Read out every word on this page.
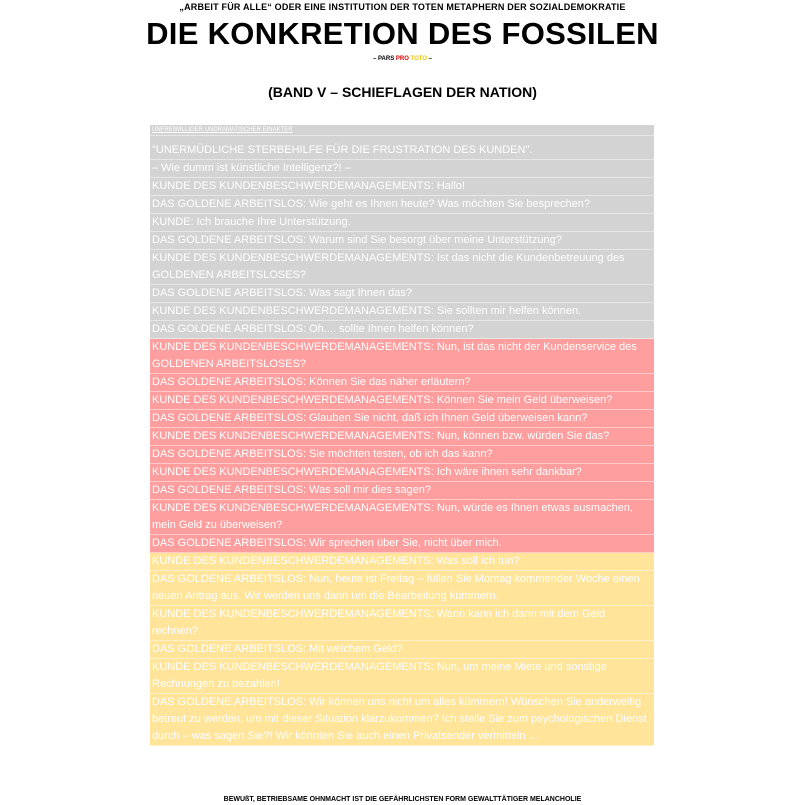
„ARBEIT FÜR ALLE“ ODER EINE INSTITUTION DER TOTEN METAPHERN DER SOZIALDEMOKRATIE
DIE KONKRETION DES FOSSILEN
– PARS PRO TOTO –
(BAND V – SCHIEFLAGEN DER NATION)
UNFREIWILLIGER UNDRAMATISCHER EINAKTER
"UNERMÜDLICHE STERBEHILFE FÜR DIE FRUSTRATION DES KUNDEN".
– Wie dumm ist künstliche Intelligenz?! –
KUNDE DES KUNDENBESCHWERDEMANAGEMENTS: Hallo!
DAS GOLDENE ARBEITSLOS: Wie geht es Ihnen heute? Was möchten Sie besprechen?
KUNDE: Ich brauche Ihre Unterstützung.
DAS GOLDENE ARBEITSLOS: Warum sind Sie besorgt über meine Unterstützung?
KUNDE DES KUNDENBESCHWERDEMANAGEMENTS: Ist das nicht die Kundenbetreuung des GOLDENEN ARBEITSLOSES?
DAS GOLDENE ARBEITSLOS: Was sagt Ihnen das?
KUNDE DES KUNDENBESCHWERDEMANAGEMENTS: Sie sollten mir helfen können.
DAS GOLDENE ARBEITSLOS: Oh.... sollte Ihnen helfen können?
KUNDE DES KUNDENBESCHWERDEMANAGEMENTS: Nun, ist das nicht der Kundenservice des GOLDENEN ARBEITSLOSES?
DAS GOLDENE ARBEITSLOS: Können Sie das näher erläutern?
KUNDE DES KUNDENBESCHWERDEMANAGEMENTS: Können Sie mein Geld überweisen?
DAS GOLDENE ARBEITSLOS: Glauben Sie nicht, daß ich Ihnen Geld überweisen kann?
KUNDE DES KUNDENBESCHWERDEMANAGEMENTS: Nun, können bzw. würden Sie das?
DAS GOLDENE ARBEITSLOS: Sie möchten testen, ob ich das kann?
KUNDE DES KUNDENBESCHWERDEMANAGEMENTS: Ich wäre ihnen sehr dankbar?
DAS GOLDENE ARBEITSLOS: Was soll mir dies sagen?
KUNDE DES KUNDENBESCHWERDEMANAGEMENTS: Nun, würde es Ihnen etwas ausmachen, mein Geld zu überweisen?
DAS GOLDENE ARBEITSLOS: Wir sprechen über Sie, nicht über mich.
KUNDE DES KUNDENBESCHWERDEMANAGEMENTS: Was soll ich tun?
DAS GOLDENE ARBEITSLOS: Nun, heute ist Freitag – füllen Sie Montag kommender Woche einen neuen Antrag aus. Wir werden uns dann um die Bearbeitung kümmern.
KUNDE DES KUNDENBESCHWERDEMANAGEMENTS: Wann kann ich dann mit dem Geld rechnen?
DAS GOLDENE ARBEITSLOS: Mit welchem Geld?
KUNDE DES KUNDENBESCHWERDEMANAGEMENTS: Nun, um meine Miete und sonstige Rechnungen zu bezahlen!
DAS GOLDENE ARBEITSLOS: Wir können uns nicht um alles kümmern! Wünschen Sie anderweitig betreut zu werden, um mit dieser Situation klarzukommen? Ich stelle Sie zum psychologischen Dienst durch – was sagen Sie?! Wir könnten Sie auch einen Privatsender vermitteln ...
BEWUßT, BETRIEBSAME OHNMACHT IST DIE GEFÄHRLICHSTEN FORM GEWALTTÄTIGER MELANCHOLIE
